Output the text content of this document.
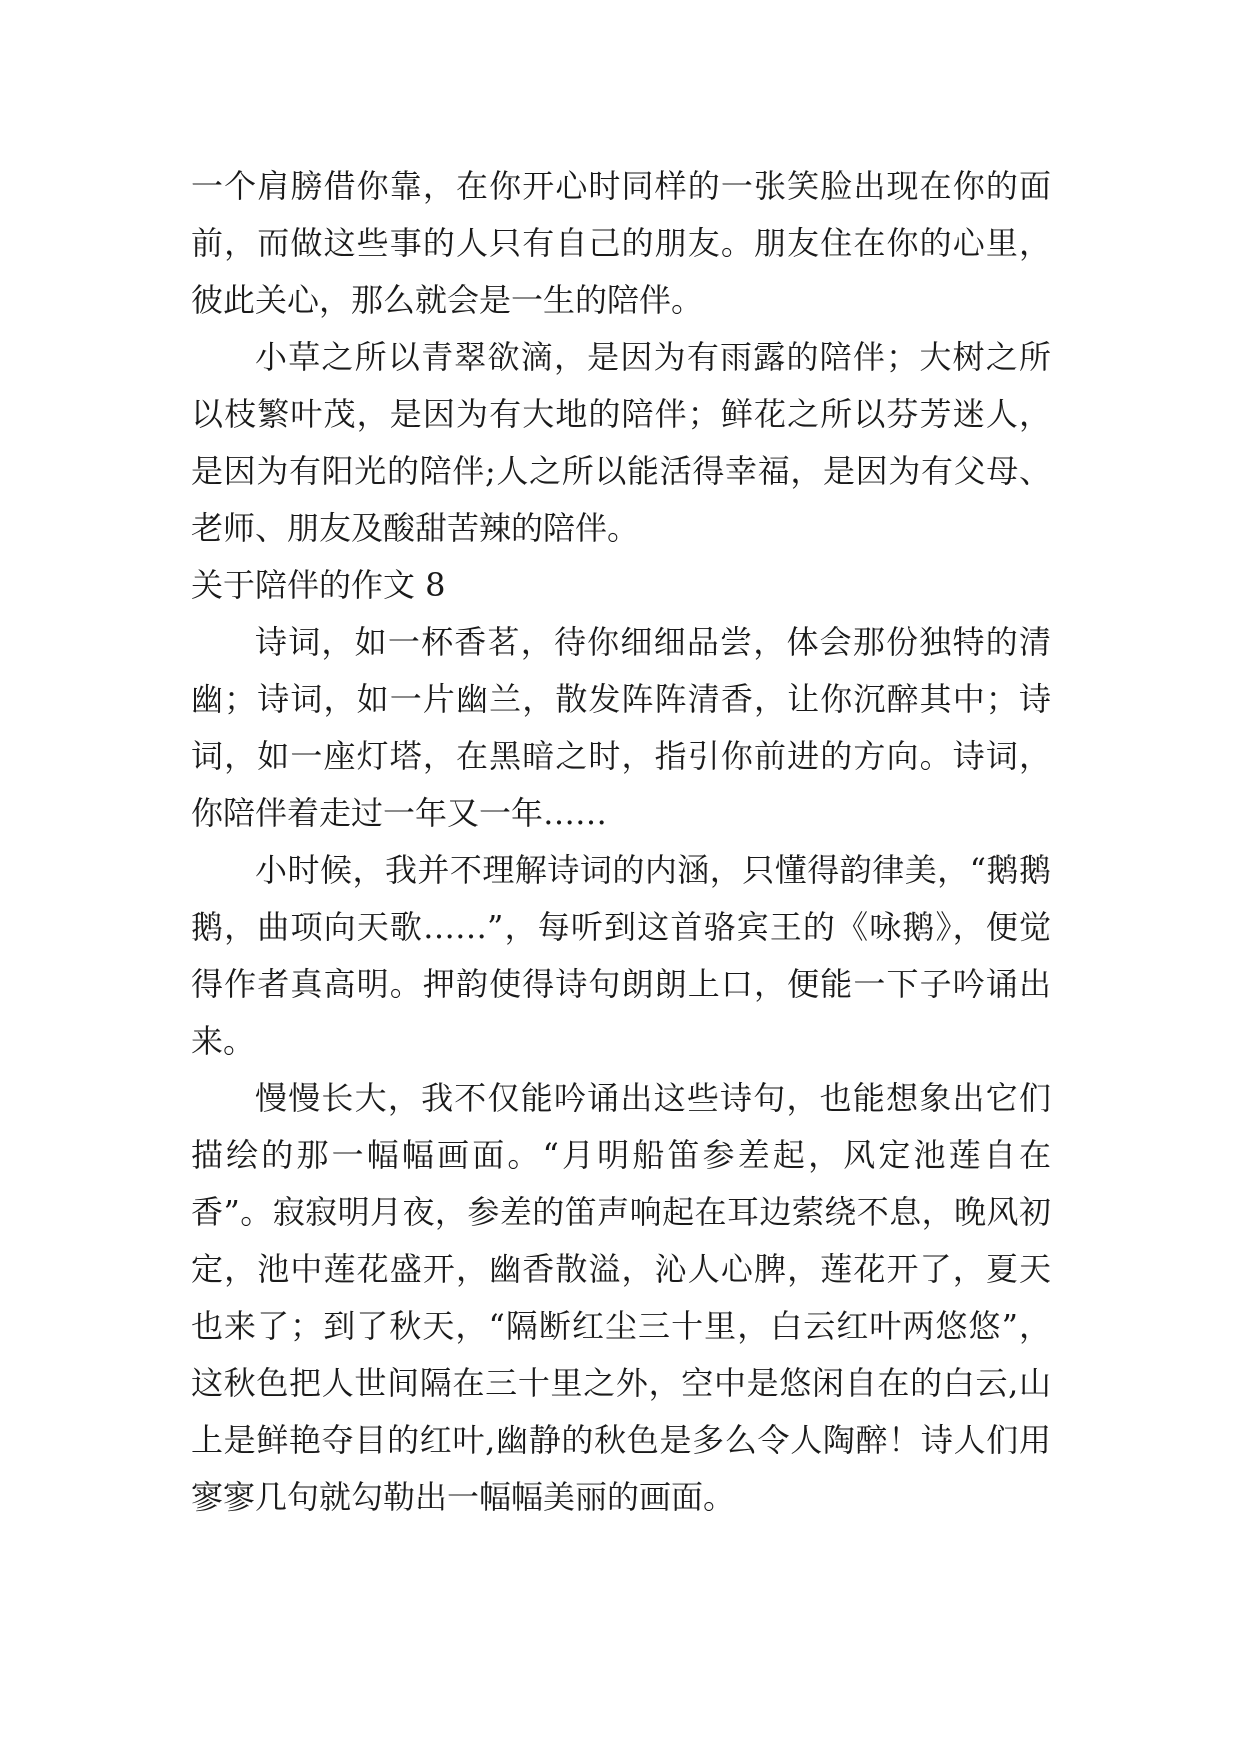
一个肩膀借你靠，在你开心时同样的一张笑脸出现在你的面前，而做这些事的人只有自己的朋友。朋友住在你的心里，彼此关心，那么就会是一生的陪伴。
小草之所以青翠欲滴，是因为有雨露的陪伴；大树之所以枝繁叶茂，是因为有大地的陪伴；鲜花之所以芬芳迷人，是因为有阳光的陪伴;人之所以能活得幸福，是因为有父母、老师、朋友及酸甜苦辣的陪伴。
关于陪伴的作文 8
诗词，如一杯香茗，待你细细品尝，体会那份独特的清幽；诗词，如一片幽兰，散发阵阵清香，让你沉醉其中；诗词，如一座灯塔，在黑暗之时，指引你前进的方向。诗词，你陪伴着走过一年又一年……
小时候，我并不理解诗词的内涵，只懂得韵律美，“鹅鹅鹅，曲项向天歌……”，每听到这首骆宾王的《咏鹅》，便觉得作者真高明。押韵使得诗句朗朗上口，便能一下子吟诵出来。
慢慢长大，我不仅能吟诵出这些诗句，也能想象出它们描绘的那一幅幅画面。“月明船笛参差起，风定池莲自在香”。寂寂明月夜，参差的笛声响起在耳边萦绕不息，晚风初定，池中莲花盛开，幽香散溢，沁人心脾，莲花开了，夏天也来了；到了秋天，“隔断红尘三十里，白云红叶两悠悠”，这秋色把人世间隔在三十里之外，空中是悠闲自在的白云,山上是鲜艳夺目的红叶,幽静的秋色是多么令人陶醉！诗人们用寥寥几句就勾勒出一幅幅美丽的画面。
